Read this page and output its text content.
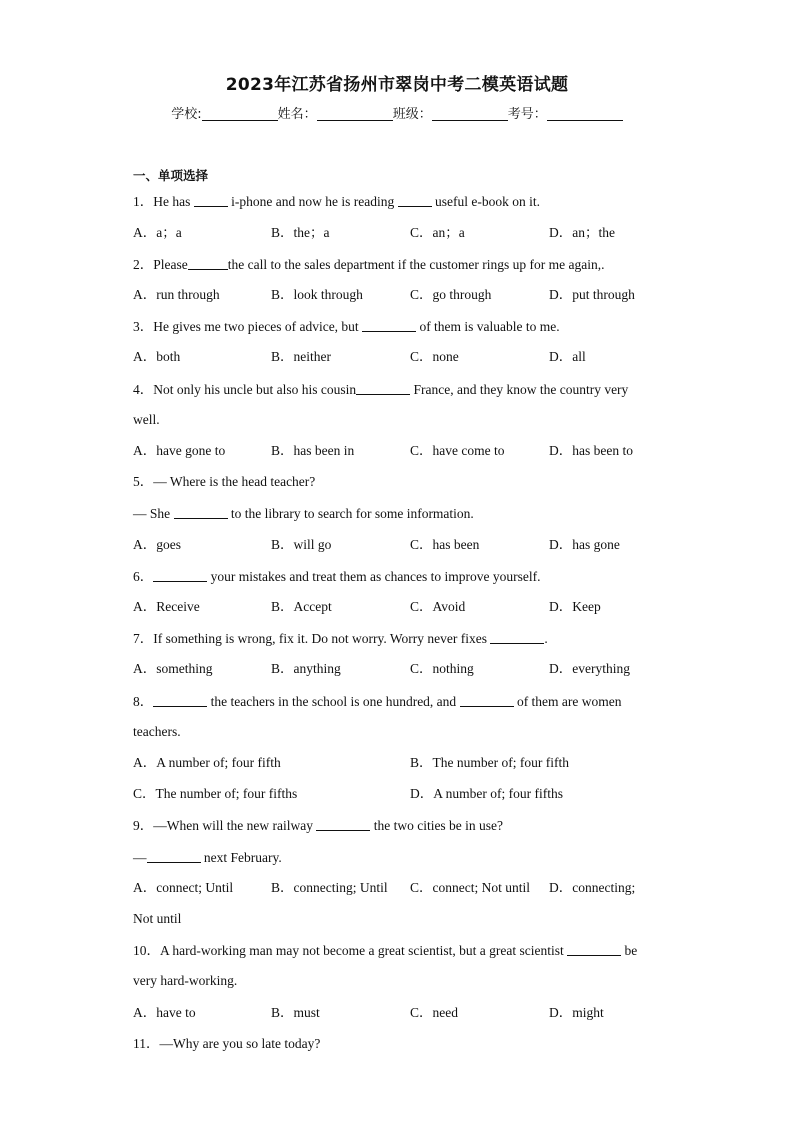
2023年江苏省扬州市翠岗中考二模英语试题
学校:	姓名：	班级：	考号：
一、单项选择
1．He has	i-phone and now he is reading	useful e-book on it.
A．a；a	B．the；a	C．an；a	D．an；the
2．Please	the call to the sales department if the customer rings up for me again,.
A．run through	B．look through	C．go through	D．put through
3．He gives me two pieces of advice, but	of them is valuable to me.
A．both	B．neither	C．none	D．all
4．Not only his uncle but also his cousin	France, and they know the country very
well.
A．have gone to	B．has been in	C．have come to	D．has been to
5．— Where is the head teacher?
— She	to the library to search for some information.
A．goes	B．will go	C．has been	D．has gone
6．	your mistakes and treat them as chances to improve yourself.
A．Receive	B．Accept	C．Avoid	D．Keep
7．If something is wrong, fix it. Do not worry. Worry never fixes	.
A．something	B．anything	C．nothing	D．everything
8．	the teachers in the school is one hundred, and	of them are women
teachers.
A．A number of; four fifth	B．The number of; four fifth
C．The number of; four fifths	D．A number of; four fifths
9．—When will the new railway	the two cities be in use?
—	next February.
A．connect; Until	B．connecting; Until C．connect; Not until D．connecting;
Not until
10．A hard-working man may not become a great scientist, but a great scientist	be
very hard-working.
A．have to	B．must	C．need	D．might
11．—Why are you so late today?
